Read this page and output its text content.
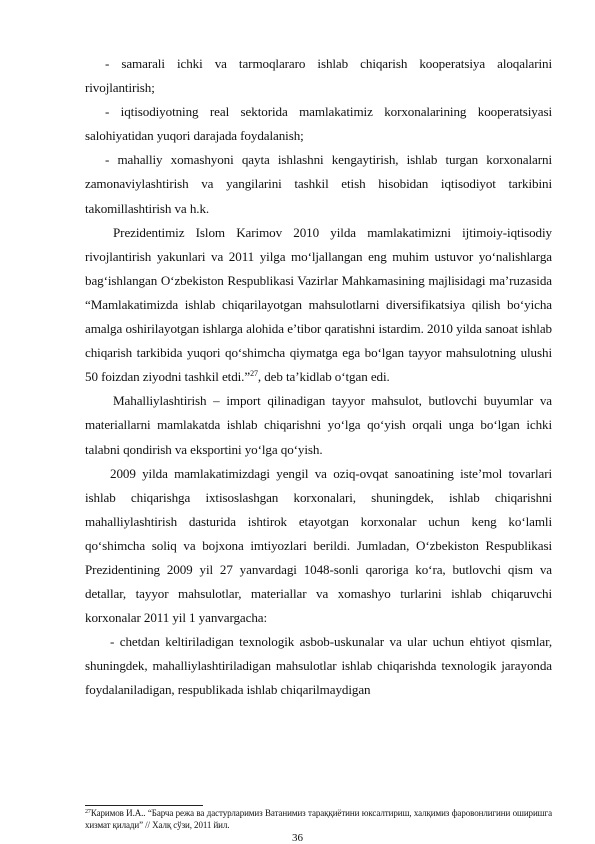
- samarali ichki va tarmoqlararo ishlab chiqarish kooperatsiya aloqalarini rivojlantirish;

- iqtisodiyotning real sektorida mamlakatimiz korxonalarining kooperatsiyasi salohiyatidan yuqori darajada foydalanish;

- mahalliy xomashyoni qayta ishlashni kengaytirish, ishlab turgan korxonalarni zamonaviylashtirish va yangilarini tashkil etish hisobidan iqtisodiyot tarkibini takomillashtirish va h.k.

Prezidentimiz Islom Karimov 2010 yilda mamlakatimizni ijtimoiy-iqtisodiy rivojlantirish yakunlari va 2011 yilga mo‘ljallangan eng muhim ustuvor yo‘nalishlarga bag‘ishlangan O‘zbekiston Respublikasi Vazirlar Mahkamasining majlisidagi ma’ruzasida “Mamlakatimizda ishlab chiqarilayotgan mahsulotlarni diversifikatsiya qilish bo‘yicha amalga oshirilayotgan ishlarga alohida e’tibor qaratishni istardim. 2010 yilda sanoat ishlab chiqarish tarkibida yuqori qo‘shimcha qiymatga ega bo‘lgan tayyor mahsulotning ulushi 50 foizdan ziyodni tashkil etdi.”$^{27}$, deb ta’kidlab o‘tgan edi.

Mahalliylashtirish – import qilinadigan tayyor mahsulot, butlovchi buyumlar va materiallarni mamlakatda ishlab chiqarishni yo‘lga qo‘yish orqali unga bo‘lgan ichki talabni qondirish va eksportini yo‘lga qo‘yish.

2009 yilda mamlakatimizdagi yengil va oziq-ovqat sanoatining iste’mol tovarlari ishlab chiqarishga ixtisoslashgan korxonalari, shuningdek, ishlab chiqarishni mahalliylashtirish dasturida ishtirok etayotgan korxonalar uchun keng ko‘lamli qo‘shimcha soliq va bojxona imtiyozlari berildi. Jumladan, O‘zbekiston Respublikasi Prezidentining 2009 yil 27 yanvardagi 1048-sonli qaroriga ko‘ra, butlovchi qism va detallar, tayyor mahsulotlar, materiallar va xomashyo turlarini ishlab chiqaruvchi korxonalar 2011 yil 1 yanvargacha:

- chetdan keltiriladigan texnologik asbob-uskunalar va ular uchun ehtiyot qismlar, shuningdek, mahalliylashtiriladigan mahsulotlar ishlab chiqarishda texnologik jarayonda foydalaniladigan, respublikada ishlab chiqarilmaydigan

$^{27}$Каримов И.А.. “Барча режа ва дастурларимиз Ватанимиз тараққиётини юксалтириш, халқимиз фаровонлигини оширишга хизмат қилади” // Халқ сўзи, 2011 йил.
36
